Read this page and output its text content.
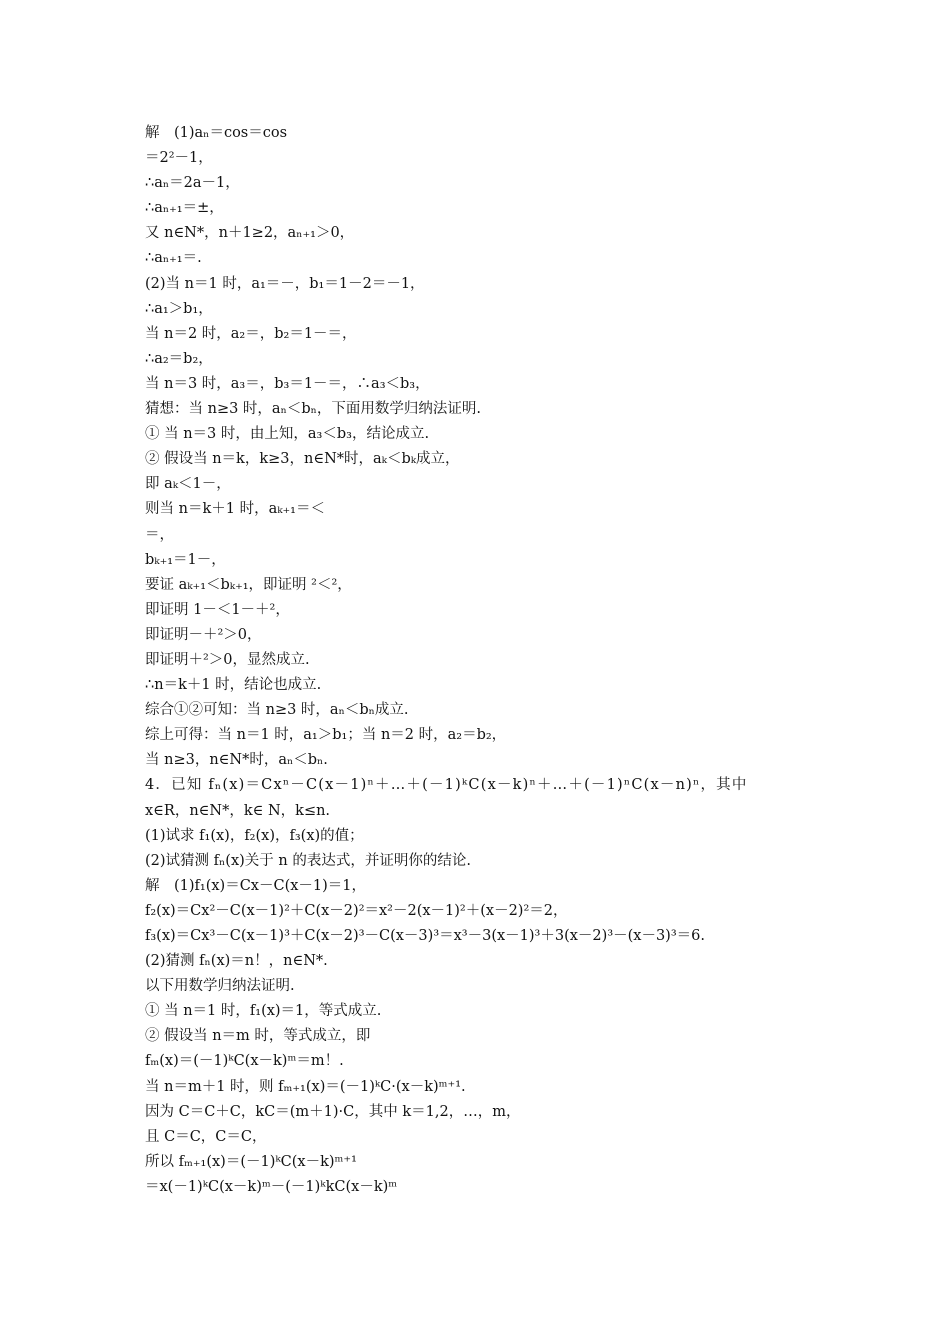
解　(1)aₙ＝cos＝cos
＝2²－1，
∴aₙ＝2a－1，
∴aₙ₊₁＝±，
又 n∈N*，n＋1≥2，aₙ₊₁＞0，
∴aₙ₊₁＝.
(2)当 n＝1 时，a₁＝－，b₁＝1－2＝－1，
∴a₁＞b₁，
当 n＝2 时，a₂＝，b₂＝1－＝，
∴a₂＝b₂，
当 n＝3 时，a₃＝，b₃＝1－＝，∴a₃＜b₃，
猜想：当 n≥3 时，aₙ＜bₙ，下面用数学归纳法证明.
① 当 n＝3 时，由上知，a₃＜b₃，结论成立.
② 假设当 n＝k，k≥3，n∈N*时，aₖ＜bₖ成立，
即 aₖ＜1－，
则当 n＝k＋1 时，aₖ₊₁＝＜
＝，
bₖ₊₁＝1－，
要证 aₖ₊₁＜bₖ₊₁，即证明 ²＜²，
即证明 1－＜1－＋²，
即证明－＋²＞0，
即证明＋²＞0，显然成立.
∴n＝k＋1 时，结论也成立.
综合①②可知：当 n≥3 时，aₙ＜bₙ成立.
综上可得：当 n＝1 时，a₁＞b₁；当 n＝2 时，a₂＝b₂，
当 n≥3，n∈N*时，aₙ＜bₙ.
4．已知 fₙ(x)＝Cxⁿ－C(x－1)ⁿ＋…＋(－1)ᵏC(x－k)ⁿ＋…＋(－1)ⁿC(x－n)ⁿ，其中
x∈R，n∈N*，k∈ N，k≤n.
(1)试求 f₁(x)，f₂(x)，f₃(x)的值；
(2)试猜测 fₙ(x)关于 n 的表达式，并证明你的结论.
解　(1)f₁(x)＝Cx－C(x－1)＝1，
f₂(x)＝Cx²－C(x－1)²＋C(x－2)²＝x²－2(x－1)²＋(x－2)²＝2，
f₃(x)＝Cx³－C(x－1)³＋C(x－2)³－C(x－3)³＝x³－3(x－1)³＋3(x－2)³－(x－3)³＝6.
(2)猜测 fₙ(x)＝n！，n∈N*.
以下用数学归纳法证明.
① 当 n＝1 时，f₁(x)＝1，等式成立.
② 假设当 n＝m 时，等式成立，即
fₘ(x)＝(－1)ᵏC(x－k)ᵐ＝m！.
当 n＝m＋1 时，则 fₘ₊₁(x)＝(－1)ᵏC·(x－k)ᵐ⁺¹.
因为 C＝C＋C，kC＝(m＋1)·C，其中 k＝1,2，…，m，
且 C＝C，C＝C，
所以 fₘ₊₁(x)＝(－1)ᵏC(x－k)ᵐ⁺¹
＝x(－1)ᵏC(x－k)ᵐ－(－1)ᵏkC(x－k)ᵐ
